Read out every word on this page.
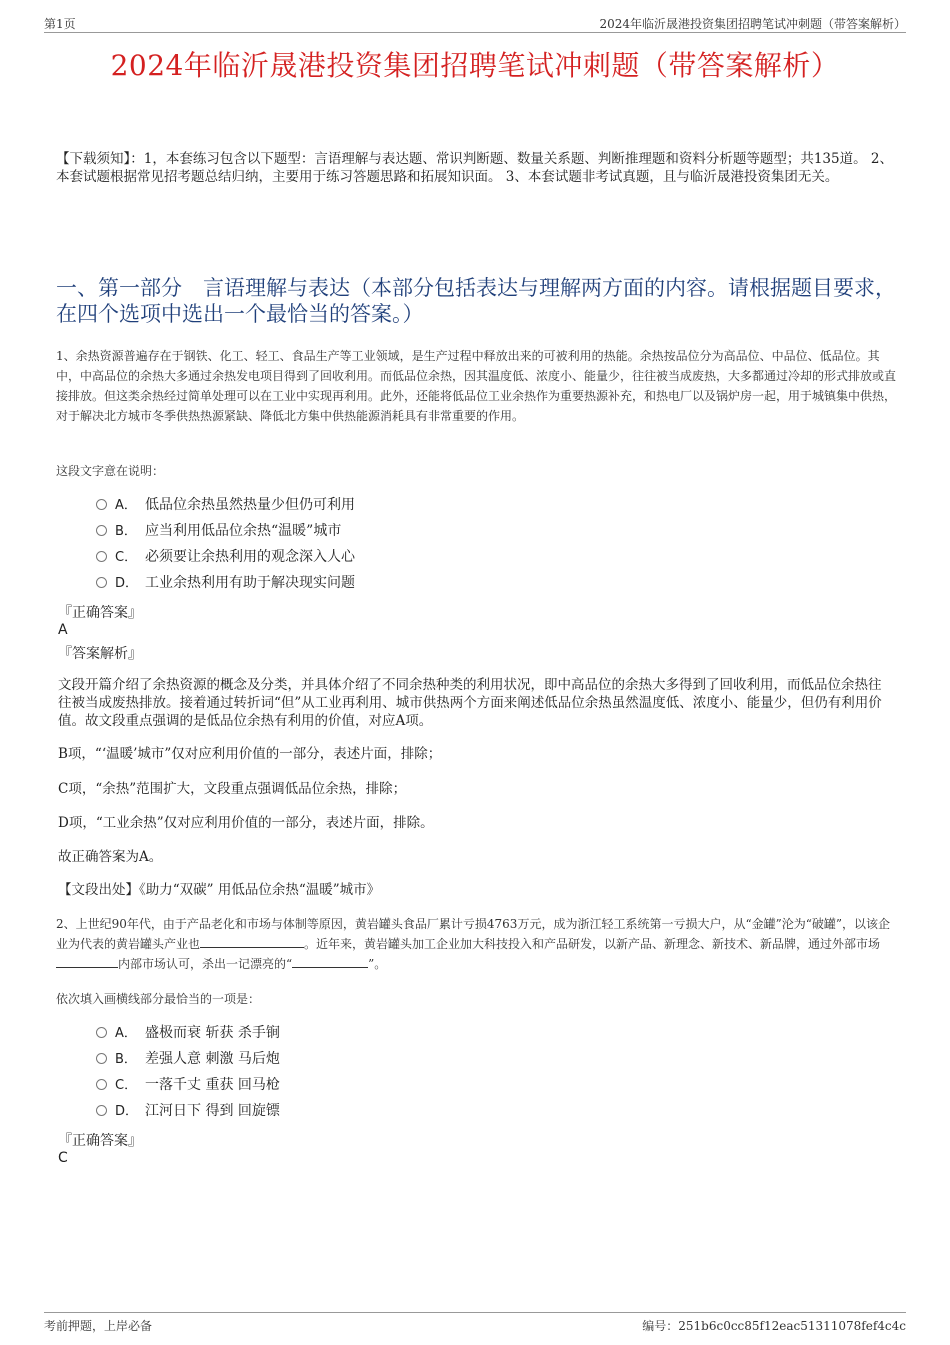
第1页	2024年临沂晟港投资集团招聘笔试冲刺题（带答案解析）
2024年临沂晟港投资集团招聘笔试冲刺题（带答案解析）
【下载须知】：1，本套练习包含以下题型：言语理解与表达题、常识判断题、数量关系题、判断推理题和资料分析题等题型；共135道。 2、本套试题根据常见招考题总结归纳，主要用于练习答题思路和拓展知识面。 3、本套试题非考试真题，且与临沂晟港投资集团无关。
一、第一部分　言语理解与表达（本部分包括表达与理解两方面的内容。请根据题目要求，在四个选项中选出一个最恰当的答案。）
1、余热资源普遍存在于钢铁、化工、轻工、食品生产等工业领域，是生产过程中释放出来的可被利用的热能。余热按品位分为高品位、中品位、低品位。其中，中高品位的余热大多通过余热发电项目得到了回收利用。而低品位余热，因其温度低、浓度小、能量少，往往被当成废热，大多都通过冷却的形式排放或直接排放。但这类余热经过简单处理可以在工业中实现再利用。此外，还能将低品位工业余热作为重要热源补充，和热电厂以及锅炉房一起，用于城镇集中供热，对于解决北方城市冬季供热热源紧缺、降低北方集中供热能源消耗具有非常重要的作用。
这段文字意在说明：
A． 低品位余热虽然热量少但仍可利用
B． 应当利用低品位余热“温暖”城市
C． 必须要让余热利用的观念深入人心
D． 工业余热利用有助于解决现实问题
『正确答案』
A
『答案解析』
文段开篇介绍了余热资源的概念及分类，并具体介绍了不同余热种类的利用状况，即中高品位的余热大多得到了回收利用，而低品位余热往往被当成废热排放。接着通过转折词“但”从工业再利用、城市供热两个方面来阐述低品位余热虽然温度低、浓度小、能量少，但仍有利用价值。故文段重点强调的是低品位余热有利用的价值，对应A项。
B项，“‘温暖’城市”仅对应利用价值的一部分，表述片面，排除；
C项，“余热”范围扩大，文段重点强调低品位余热，排除；
D项，“工业余热”仅对应利用价值的一部分，表述片面，排除。
故正确答案为A。
【文段出处】《助力“双碳” 用低品位余热“温暖”城市》
2、上世纪90年代，由于产品老化和市场与体制等原因，黄岩罐头食品厂累计亏损4763万元，成为浙江轻工系统第一亏损大户，从“金罐”沦为“破罐”，以该企业为代表的黄岩罐头产业也	。近年来，黄岩罐头加工企业加大科技投入和产品研发，以新产品、新理念、新技术、新品牌，通过外部市场内部市场认可，杀出一记漂亮的“	”。
依次填入画横线部分最恰当的一项是：
A． 盛极而衰 斩获 杀手锏
B． 差强人意 刺激 马后炮
C． 一落千丈 重获 回马枪
D． 江河日下 得到 回旋镖
『正确答案』
C
考前押题，上岸必备	编号：251b6c0cc85f12eac51311078fef4c4c
